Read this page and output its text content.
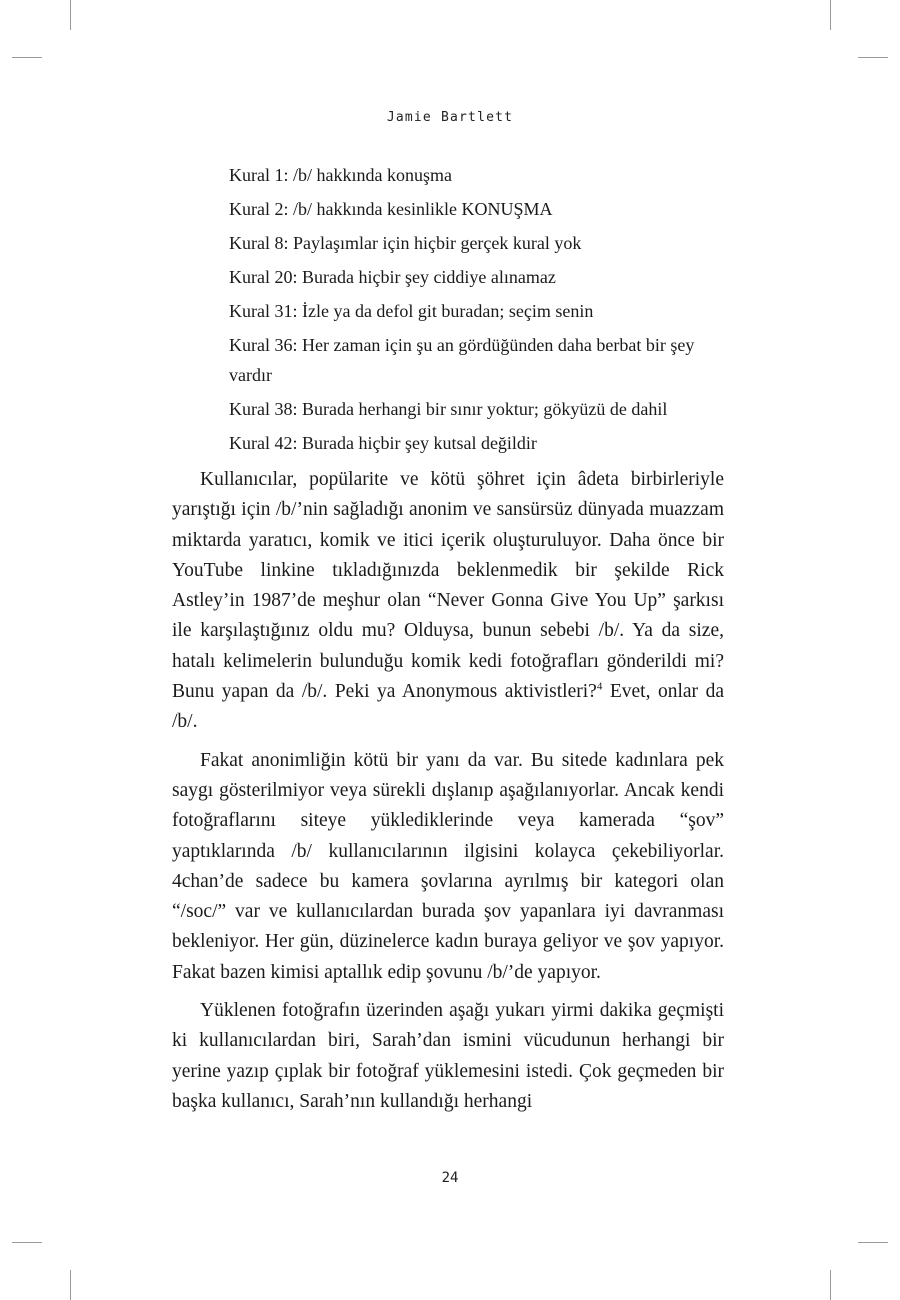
Jamie Bartlett
Kural 1: /b/ hakkında konuşma
Kural 2: /b/ hakkında kesinlikle KONUŞMA
Kural 8: Paylaşımlar için hiçbir gerçek kural yok
Kural 20: Burada hiçbir şey ciddiye alınamaz
Kural 31: İzle ya da defol git buradan; seçim senin
Kural 36: Her zaman için şu an gördüğünden daha berbat bir şey vardır
Kural 38: Burada herhangi bir sınır yoktur; gökyüzü de dahil
Kural 42: Burada hiçbir şey kutsal değildir

Kullanıcılar, popülarite ve kötü şöhret için âdeta birbirleriyle yarıştığı için /b/’nin sağladığı anonim ve sansürsüz dünyada muazzam miktarda yaratıcı, komik ve itici içerik oluşturuluyor. Daha önce bir YouTube linkine tıkladığınızda beklenmedik bir şekilde Rick Astley’in 1987’de meşhur olan “Never Gonna Give You Up” şarkısı ile karşılaştığınız oldu mu? Olduysa, bunun sebebi /b/. Ya da size, hatalı kelimelerin bulunduğu komik kedi fotoğrafları gönderildi mi? Bunu yapan da /b/. Peki ya Anonymous aktivistleri?$^4$ Evet, onlar da /b/.

Fakat anonimliğin kötü bir yanı da var. Bu sitede kadınlara pek saygı gösterilmiyor veya sürekli dışlanıp aşağılanıyorlar. Ancak kendi fotoğraflarını siteye yüklediklerinde veya kamerada “şov” yaptıklarında /b/ kullanıcılarının ilgisini kolayca çekebiliyorlar. 4chan’de sadece bu kamera şovlarına ayrılmış bir kategori olan “/soc/” var ve kullanıcılardan burada şov yapanlara iyi davranması bekleniyor. Her gün, düzinelerce kadın buraya geliyor ve şov yapıyor. Fakat bazen kimisi aptallık edip şovunu /b/’de yapıyor.

Yüklenen fotoğrafın üzerinden aşağı yukarı yirmi dakika geçmişti ki kullanıcılardan biri, Sarah’dan ismini vücudunun herhangi bir yerine yazıp çıplak bir fotoğraf yüklemesini istedi. Çok geçmeden bir başka kullanıcı, Sarah’nın kullandığı herhangi

24
